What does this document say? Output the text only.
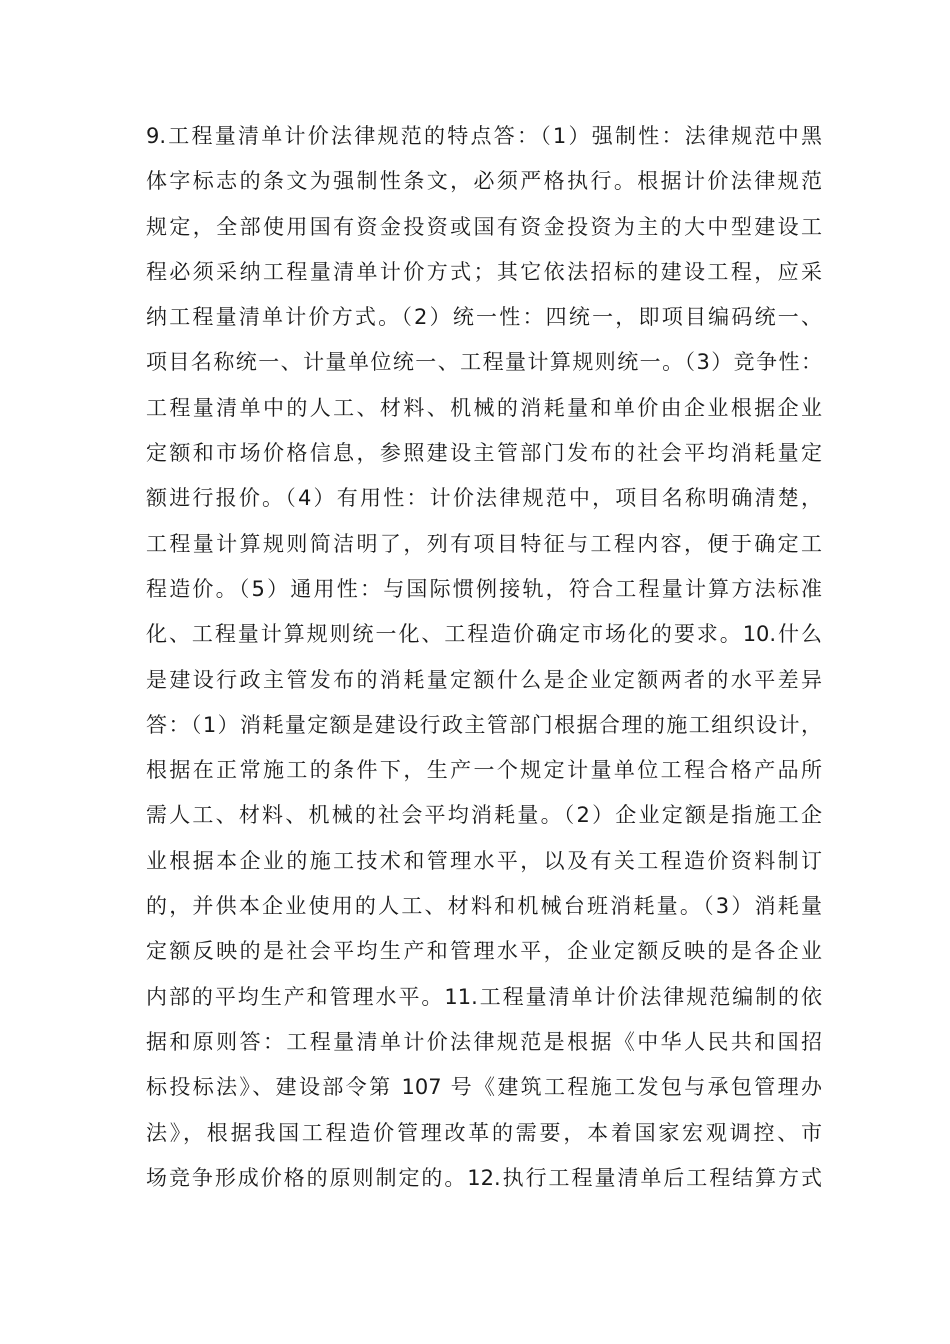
9.工程量清单计价法律规范的特点答：（1）强制性：法律规范中黑
体字标志的条文为强制性条文，必须严格执行。根据计价法律规范
规定，全部使用国有资金投资或国有资金投资为主的大中型建设工
程必须采纳工程量清单计价方式；其它依法招标的建设工程，应采
纳工程量清单计价方式。（2）统一性：四统一，即项目编码统一、
项目名称统一、计量单位统一、工程量计算规则统一。（3）竞争性：
工程量清单中的人工、材料、机械的消耗量和单价由企业根据企业
定额和市场价格信息，参照建设主管部门发布的社会平均消耗量定
额进行报价。（4）有用性：计价法律规范中，项目名称明确清楚，
工程量计算规则简洁明了，列有项目特征与工程内容，便于确定工
程造价。（5）通用性：与国际惯例接轨，符合工程量计算方法标准
化、工程量计算规则统一化、工程造价确定市场化的要求。10.什么
是建设行政主管发布的消耗量定额什么是企业定额两者的水平差异
答：（1）消耗量定额是建设行政主管部门根据合理的施工组织设计，
根据在正常施工的条件下，生产一个规定计量单位工程合格产品所
需人工、材料、机械的社会平均消耗量。（2）企业定额是指施工企
业根据本企业的施工技术和管理水平，以及有关工程造价资料制订
的，并供本企业使用的人工、材料和机械台班消耗量。（3）消耗量
定额反映的是社会平均生产和管理水平，企业定额反映的是各企业
内部的平均生产和管理水平。11.工程量清单计价法律规范编制的依
据和原则答：工程量清单计价法律规范是根据《中华人民共和国招
标投标法》、建设部令第 107 号《建筑工程施工发包与承包管理办
法》，根据我国工程造价管理改革的需要，本着国家宏观调控、市
场竞争形成价格的原则制定的。12.执行工程量清单后工程结算方式
